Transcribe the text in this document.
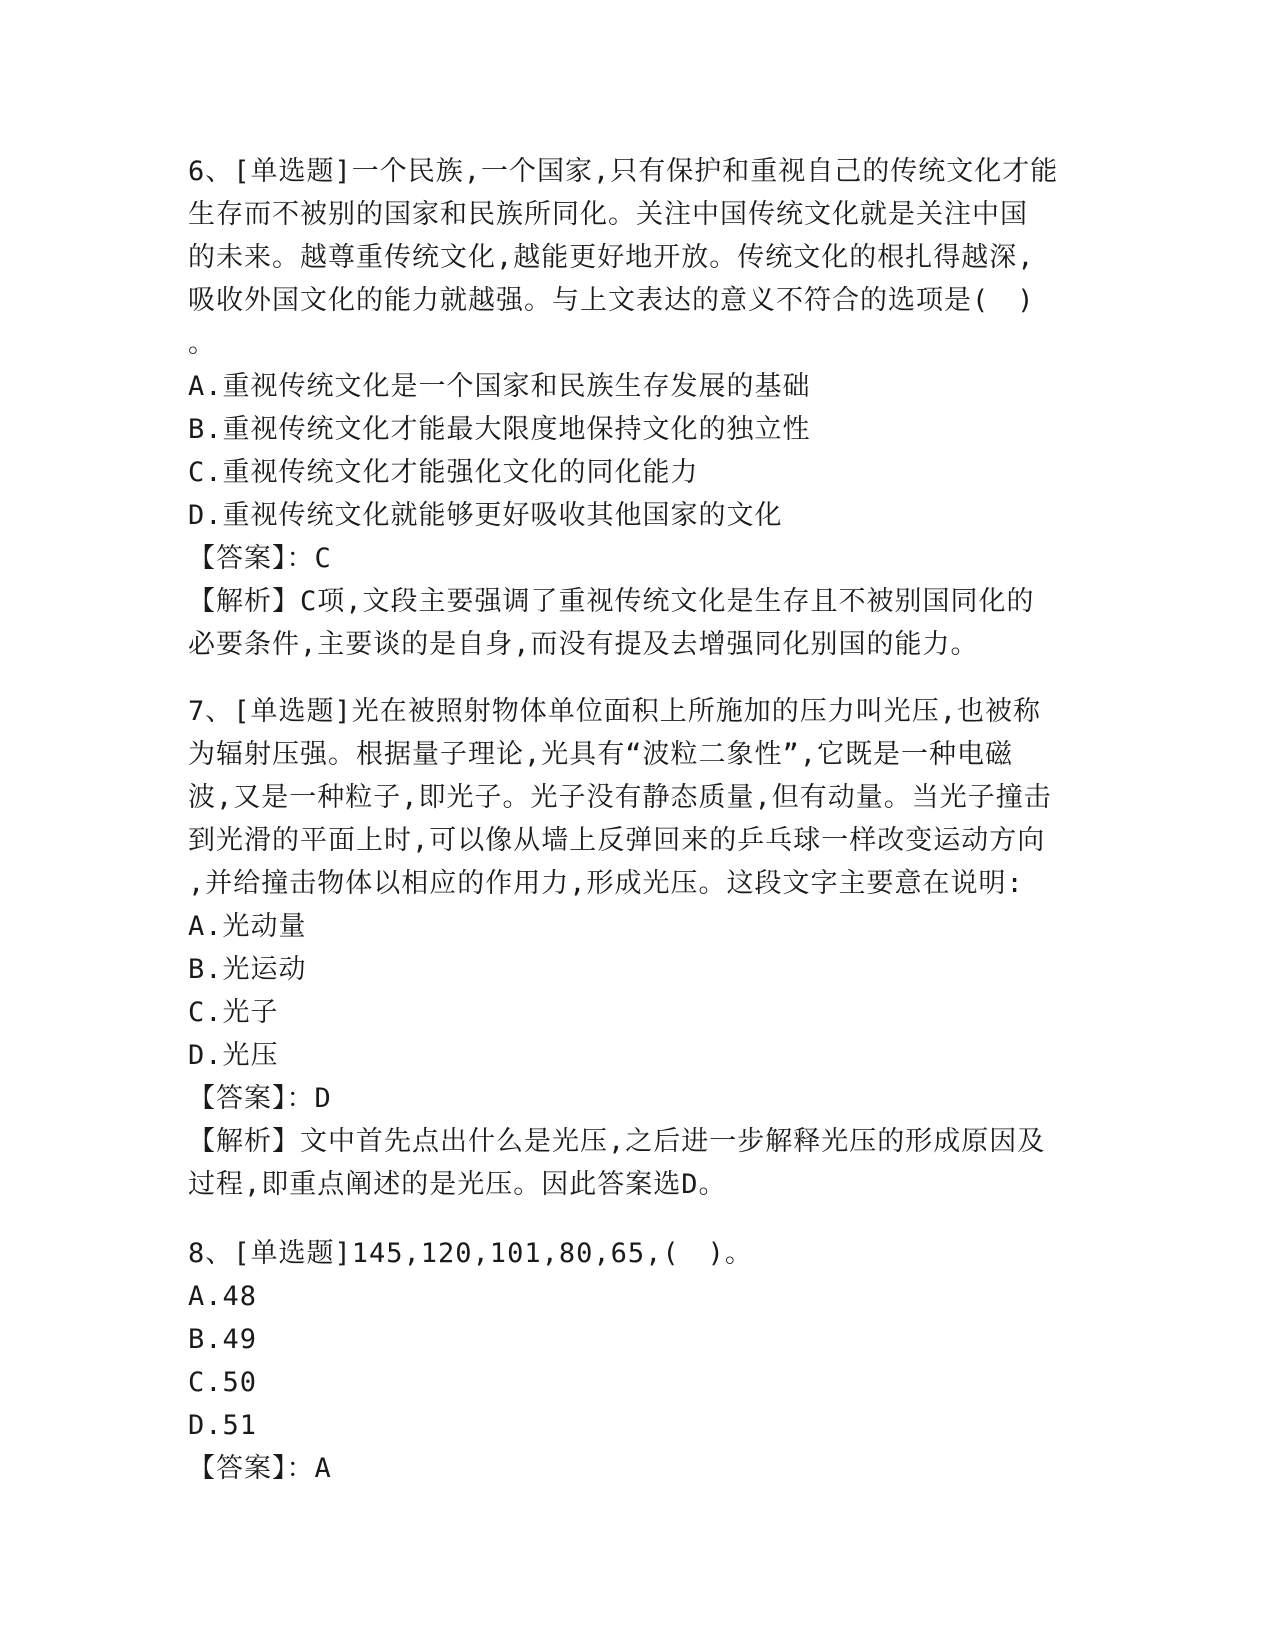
6、[单选题]一个民族,一个国家,只有保护和重视自己的传统文化才能
生存而不被别的国家和民族所同化。关注中国传统文化就是关注中国
的未来。越尊重传统文化,越能更好地开放。传统文化的根扎得越深,
吸收外国文化的能力就越强。与上文表达的意义不符合的选项是(　)
。
A.重视传统文化是一个国家和民族生存发展的基础
B.重视传统文化才能最大限度地保持文化的独立性
C.重视传统文化才能强化文化的同化能力
D.重视传统文化就能够更好吸收其他国家的文化
【答案】：C
【解析】C项,文段主要强调了重视传统文化是生存且不被别国同化的
必要条件,主要谈的是自身,而没有提及去增强同化别国的能力。
7、[单选题]光在被照射物体单位面积上所施加的压力叫光压,也被称
为辐射压强。根据量子理论,光具有“波粒二象性”,它既是一种电磁
波,又是一种粒子,即光子。光子没有静态质量,但有动量。当光子撞击
到光滑的平面上时,可以像从墙上反弹回来的乒乓球一样改变运动方向
,并给撞击物体以相应的作用力,形成光压。这段文字主要意在说明:
A.光动量
B.光运动
C.光子
D.光压
【答案】：D
【解析】文中首先点出什么是光压,之后进一步解释光压的形成原因及
过程,即重点阐述的是光压。因此答案选D。
8、[单选题]145,120,101,80,65,(　)。
A.48
B.49
C.50
D.51
【答案】：A
